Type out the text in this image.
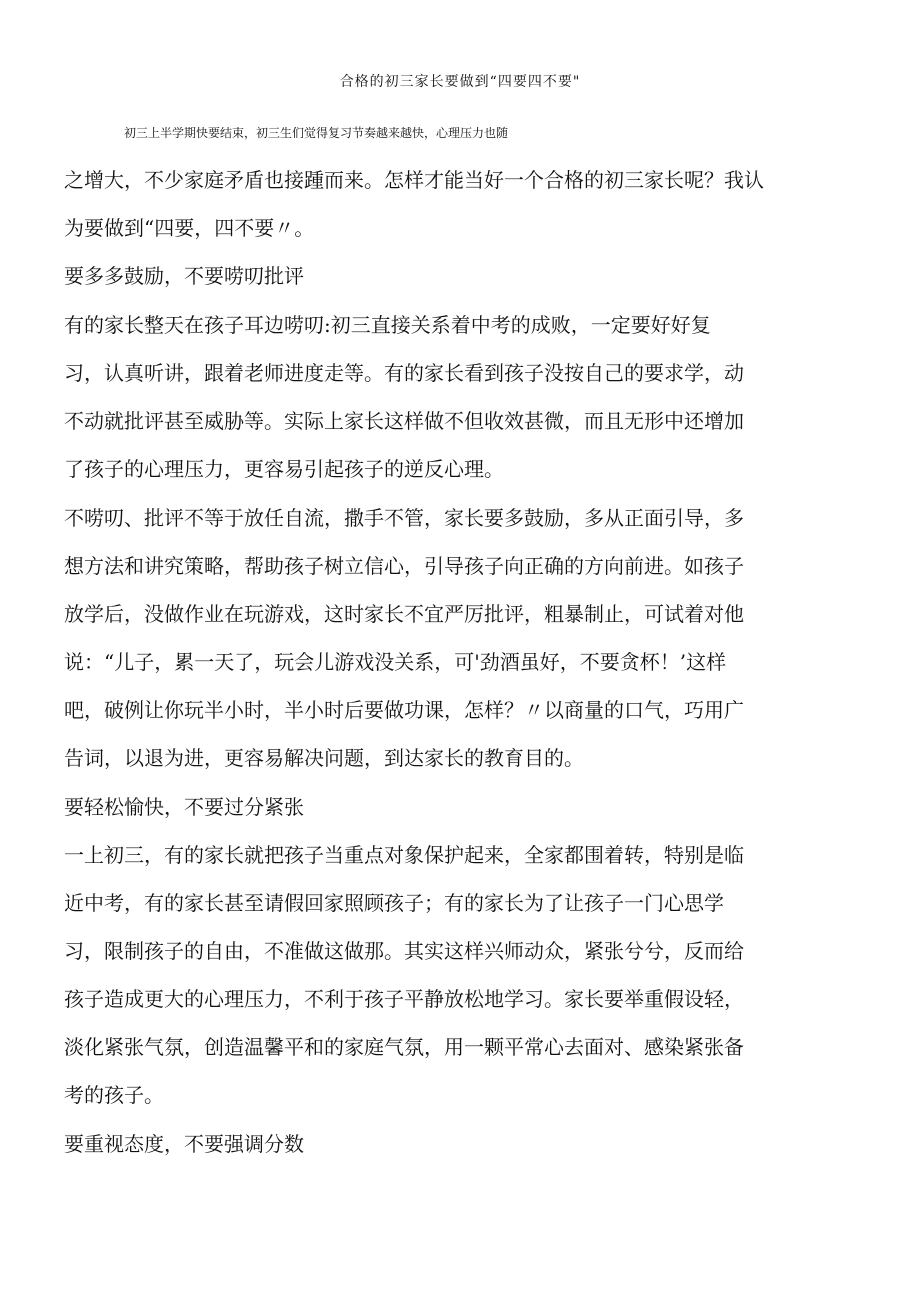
合格的初三家长要做到“四要四不要"
初三上半学期快要结束，初三生们觉得复习节奏越来越快，心理压力也随
之增大，不少家庭矛盾也接踵而来。怎样才能当好一个合格的初三家长呢？我认
为要做到“四要，四不要〃。
要多多鼓励，不要唠叨批评
有的家长整天在孩子耳边唠叨:初三直接关系着中考的成败，一定要好好复
习，认真听讲，跟着老师进度走等。有的家长看到孩子没按自己的要求学，动
不动就批评甚至威胁等。实际上家长这样做不但收效甚微，而且无形中还增加
了孩子的心理压力，更容易引起孩子的逆反心理。
不唠叨、批评不等于放任自流，撒手不管，家长要多鼓励，多从正面引导，多
想方法和讲究策略，帮助孩子树立信心，引导孩子向正确的方向前进。如孩子
放学后，没做作业在玩游戏，这时家长不宜严厉批评，粗暴制止，可试着对他
说：“儿子，累一天了，玩会儿游戏没关系，可'劲酒虽好，不要贪杯！’这样
吧，破例让你玩半小时，半小时后要做功课，怎样？〃以商量的口气，巧用广
告词，以退为进，更容易解决问题，到达家长的教育目的。
要轻松愉快，不要过分紧张
一上初三，有的家长就把孩子当重点对象保护起来，全家都围着转，特别是临
近中考，有的家长甚至请假回家照顾孩子；有的家长为了让孩子一门心思学
习，限制孩子的自由，不准做这做那。其实这样兴师动众，紧张兮兮，反而给
孩子造成更大的心理压力，不利于孩子平静放松地学习。家长要举重假设轻，
淡化紧张气氛，创造温馨平和的家庭气氛，用一颗平常心去面对、感染紧张备
考的孩子。
要重视态度，不要强调分数
